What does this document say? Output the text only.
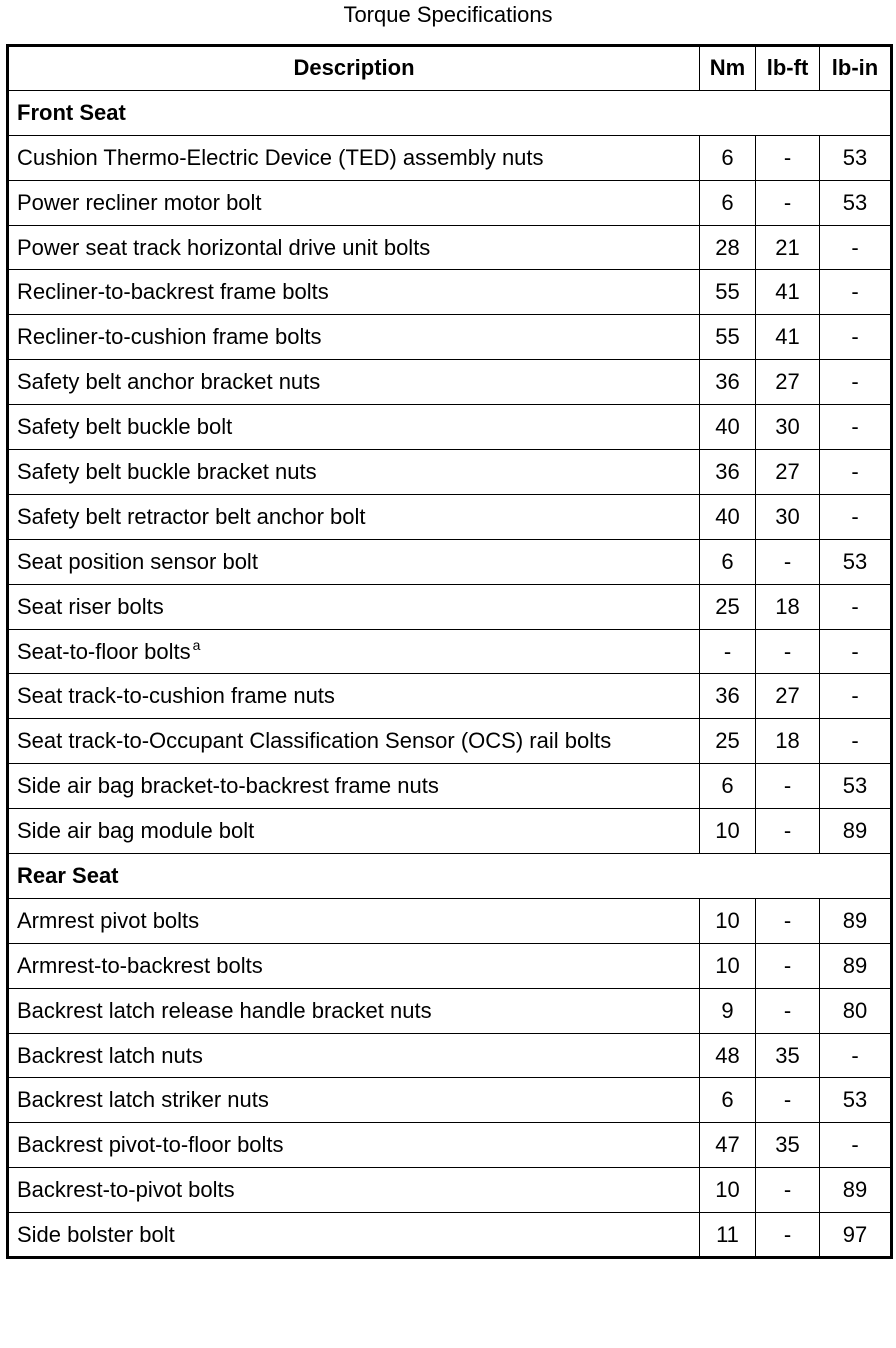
Torque Specifications
Description	Nm	lb-ft	lb-in
Front Seat			
Cushion Thermo-Electric Device (TED) assembly nuts	6	-	53
Power recliner motor bolt	6	-	53
Power seat track horizontal drive unit bolts	28	21	-
Recliner-to-backrest frame bolts	55	41	-
Recliner-to-cushion frame bolts	55	41	-
Safety belt anchor bracket nuts	36	27	-
Safety belt buckle bolt	40	30	-
Safety belt buckle bracket nuts	36	27	-
Safety belt retractor belt anchor bolt	40	30	-
Seat position sensor bolt	6	-	53
Seat riser bolts	25	18	-
Seat-to-floor bolts $^a$	-	-	-
Seat track-to-cushion frame nuts	36	27	-
Seat track-to-Occupant Classification Sensor (OCS) rail bolts	25	18	-
Side air bag bracket-to-backrest frame nuts	6	-	53
Side air bag module bolt	10	-	89
Rear Seat			
Armrest pivot bolts	10	-	89
Armrest-to-backrest bolts	10	-	89
Backrest latch release handle bracket nuts	9	-	80
Backrest latch nuts	48	35	-
Backrest latch striker nuts	6	-	53
Backrest pivot-to-floor bolts	47	35	-
Backrest-to-pivot bolts	10	-	89
Side bolster bolt	11	-	97
